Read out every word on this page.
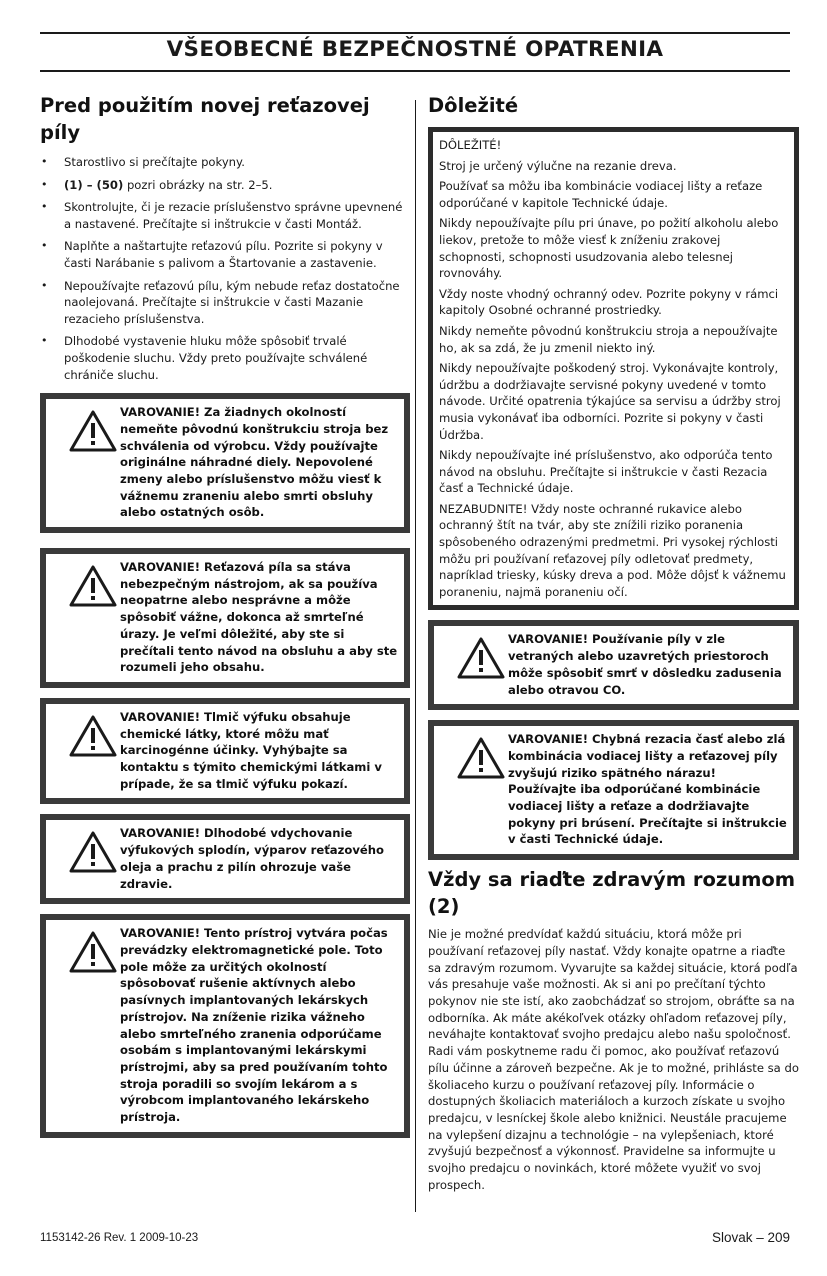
VŠEOBECNÉ BEZPEČNOSTNÉ OPATRENIA
Pred použitím novej reťazovej píly
• Starostlivo si prečítajte pokyny.
• (1) – (50) pozri obrázky na str. 2–5.
• Skontrolujte, či je rezacie príslušenstvo správne upevnené a nastavené. Prečítajte si inštrukcie v časti Montáž.
• Naplňte a naštartujte reťazovú pílu. Pozrite si pokyny v časti Narábanie s palivom a Štartovanie a zastavenie.
• Nepoužívajte reťazovú pílu, kým nebude reťaz dostatočne naolejovaná. Prečítajte si inštrukcie v časti Mazanie rezacieho príslušenstva.
• Dlhodobé vystavenie hluku môže spôsobiť trvalé poškodenie sluchu. Vždy preto používajte schválené chrániče sluchu.
VAROVANIE! Za žiadnych okolností nemeňte pôvodnú konštrukciu stroja bez schválenia od výrobcu. Vždy používajte originálne náhradné diely. Nepovolené zmeny alebo príslušenstvo môžu viesť k vážnemu zraneniu alebo smrti obsluhy alebo ostatných osôb.
VAROVANIE! Reťazová píla sa stáva nebezpečným nástrojom, ak sa používa neopatrne alebo nesprávne a môže spôsobiť vážne, dokonca až smrteľné úrazy. Je veľmi dôležité, aby ste si prečítali tento návod na obsluhu a aby ste rozumeli jeho obsahu.
VAROVANIE! Tlmič výfuku obsahuje chemické látky, ktoré môžu mať karcinogénne účinky. Vyhýbajte sa kontaktu s týmito chemickými látkami v prípade, že sa tlmič výfuku pokazí.
VAROVANIE! Dlhodobé vdychovanie výfukových splodín, výparov reťazového oleja a prachu z pilín ohrozuje vaše zdravie.
VAROVANIE! Tento prístroj vytvára počas prevádzky elektromagnetické pole. Toto pole môže za určitých okolností spôsobovať rušenie aktívnych alebo pasívnych implantovaných lekárskych prístrojov. Na zníženie rizika vážneho alebo smrteľného zranenia odporúčame osobám s implantovanými lekárskymi prístrojmi, aby sa pred používaním tohto stroja poradili so svojím lekárom a s výrobcom implantovaného lekárskeho prístroja.
Dôležité

DÔLEŽITÉ!

Stroj je určený výlučne na rezanie dreva.

Používať sa môžu iba kombinácie vodiacej lišty a reťaze odporúčané v kapitole Technické údaje.

Nikdy nepoužívajte pílu pri únave, po požití alkoholu alebo liekov, pretože to môže viesť k zníženiu zrakovej schopnosti, schopnosti usudzovania alebo telesnej rovnováhy.

Vždy noste vhodný ochranný odev. Pozrite pokyny v rámci kapitoly Osobné ochranné prostriedky.

Nikdy nemeňte pôvodnú konštrukciu stroja a nepoužívajte ho, ak sa zdá, že ju zmenil niekto iný.

Nikdy nepoužívajte poškodený stroj. Vykonávajte kontroly, údržbu a dodržiavajte servisné pokyny uvedené v tomto návode. Určité opatrenia týkajúce sa servisu a údržby stroj musia vykonávať iba odborníci. Pozrite si pokyny v časti Údržba.

Nikdy nepoužívajte iné príslušenstvo, ako odporúča tento návod na obsluhu. Prečítajte si inštrukcie v časti Rezacia časť a Technické údaje.

NEZABUDNITE! Vždy noste ochranné rukavice alebo ochranný štít na tvár, aby ste znížili riziko poranenia spôsobeného odrazenými predmetmi. Pri vysokej rýchlosti môžu pri používaní reťazovej píly odletovať predmety, napríklad triesky, kúsky dreva a pod. Môže dôjsť k vážnemu poraneniu, najmä poraneniu očí.

VAROVANIE! Používanie píly v zle vetraných alebo uzavretých priestoroch môže spôsobiť smrť v dôsledku zadusenia alebo otravou CO.
VAROVANIE! Chybná rezacia časť alebo zlá kombinácia vodiacej lišty a reťazovej píly zvyšujú riziko spätného nárazu! Používajte iba odporúčané kombinácie vodiacej lišty a reťaze a dodržiavajte pokyny pri brúsení. Prečítajte si inštrukcie v časti Technické údaje.
Vždy sa riaďte zdravým rozumom (2)

Nie je možné predvídať každú situáciu, ktorá môže pri používaní reťazovej píly nastať. Vždy konajte opatrne a riaďte sa zdravým rozumom. Vyvarujte sa každej situácie, ktorá podľa vás presahuje vaše možnosti. Ak si ani po prečítaní týchto pokynov nie ste istí, ako zaobchádzať so strojom, obráťte sa na odborníka. Ak máte akékoľvek otázky ohľadom reťazovej píly, neváhajte kontaktovať svojho predajcu alebo našu spoločnosť. Radi vám poskytneme radu či pomoc, ako používať reťazovú pílu účinne a zároveň bezpečne. Ak je to možné, prihláste sa do školiaceho kurzu o používaní reťazovej píly. Informácie o dostupných školiacich materiáloch a kurzoch získate u svojho predajcu, v lesníckej škole alebo knižnici. Neustále pracujeme na vylepšení dizajnu a technológie – na vylepšeniach, ktoré zvyšujú bezpečnosť a výkonnosť. Pravidelne sa informujte u svojho predajcu o novinkách, ktoré môžete využiť vo svoj prospech.

1153142-26 Rev. 1 2009-10-23	Slovak – 209
